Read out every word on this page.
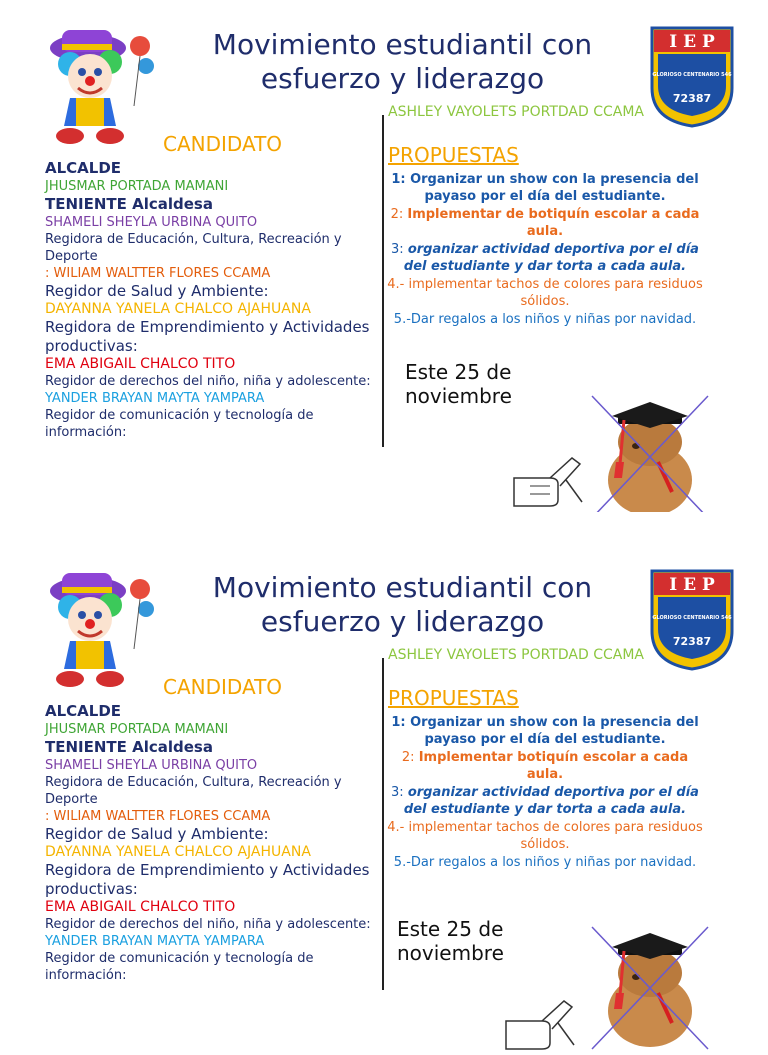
Movimiento estudiantil con
esfuerzo y liderazgo
I E P
GLORIOSO CENTENARIO 546
72387
ASHLEY VAYOLETS PORTDAD CCAMA
CANDIDATO	PROPUESTAS
ALCALDE
JHUSMAR PORTADA MAMANI
TENIENTE Alcaldesa
SHAMELI SHEYLA URBINA QUITO
Regidora de Educación, Cultura, Recreación y Deporte
: WILIAM WALTTER FLORES CCAMA
Regidor de Salud y Ambiente:
DAYANNA YANELA CHALCO AJAHUANA
Regidora de Emprendimiento y Actividades productivas:
EMA ABIGAIL CHALCO TITO
Regidor de derechos del niño, niña y adolescente:
YANDER BRAYAN MAYTA YAMPARA
Regidor de comunicación y tecnología de información:
1: Organizar un show con la presencia del payaso por el día del estudiante.
2: Implementar de botiquín escolar a cada aula.
3: organizar actividad deportiva por el día del estudiante y dar torta a cada aula.
4.- implementar tachos de colores para residuos sólidos.
5.-Dar regalos a los niños y niñas por navidad.
Este 25 de noviembre
Movimiento estudiantil con
esfuerzo y liderazgo
I E P
GLORIOSO CENTENARIO 546
72387
ASHLEY VAYOLETS PORTDAD CCAMA
CANDIDATO	PROPUESTAS
ALCALDE
JHUSMAR PORTADA MAMANI
TENIENTE Alcaldesa
SHAMELI SHEYLA URBINA QUITO
Regidora de Educación, Cultura, Recreación y Deporte
: WILIAM WALTTER FLORES CCAMA
Regidor de Salud y Ambiente:
DAYANNA YANELA CHALCO AJAHUANA
Regidora de Emprendimiento y Actividades productivas:
EMA ABIGAIL CHALCO TITO
Regidor de derechos del niño, niña y adolescente:
YANDER BRAYAN MAYTA YAMPARA
Regidor de comunicación y tecnología de información:
1: Organizar un show con la presencia del payaso por el día del estudiante.
2: Implementar botiquín escolar a cada aula.
3: organizar actividad deportiva por el día del estudiante y dar torta a cada aula.
4.- implementar tachos de colores para residuos sólidos.
5.-Dar regalos a los niños y niñas por navidad.
Este 25 de noviembre
